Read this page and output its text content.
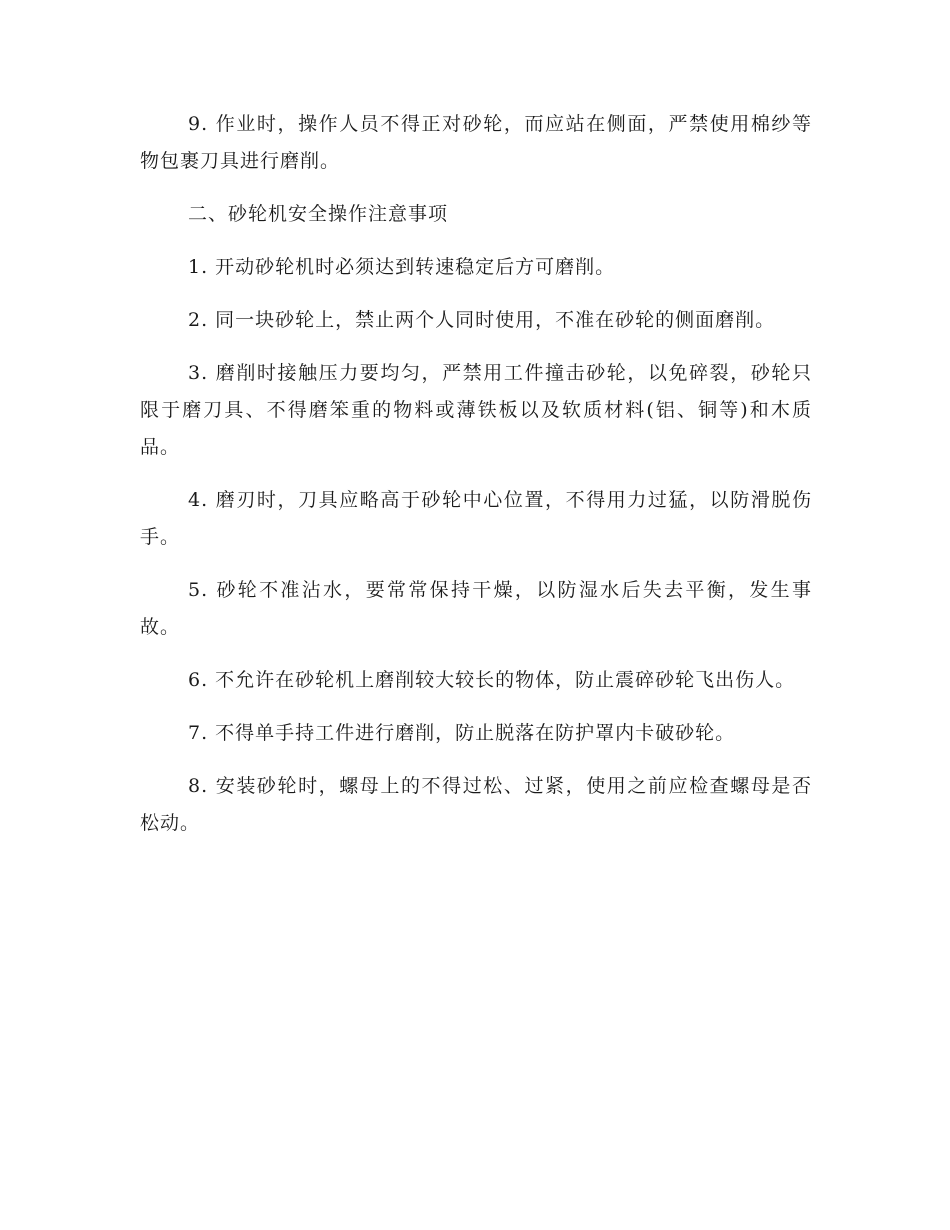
9. 作业时，操作人员不得正对砂轮，而应站在侧面，严禁使用棉纱等物包裹刀具进行磨削。

二、砂轮机安全操作注意事项

1. 开动砂轮机时必须达到转速稳定后方可磨削。

2. 同一块砂轮上，禁止两个人同时使用，不准在砂轮的侧面磨削。

3. 磨削时接触压力要均匀，严禁用工件撞击砂轮，以免碎裂，砂轮只限于磨刀具、不得磨笨重的物料或薄铁板以及软质材料(铝、铜等)和木质品。

4. 磨刃时，刀具应略高于砂轮中心位置，不得用力过猛，以防滑脱伤手。

5. 砂轮不准沾水，要常常保持干燥，以防湿水后失去平衡，发生事故。

6. 不允许在砂轮机上磨削较大较长的物体，防止震碎砂轮飞出伤人。

7. 不得单手持工件进行磨削，防止脱落在防护罩内卡破砂轮。

8. 安装砂轮时，螺母上的不得过松、过紧，使用之前应检查螺母是否松动。
